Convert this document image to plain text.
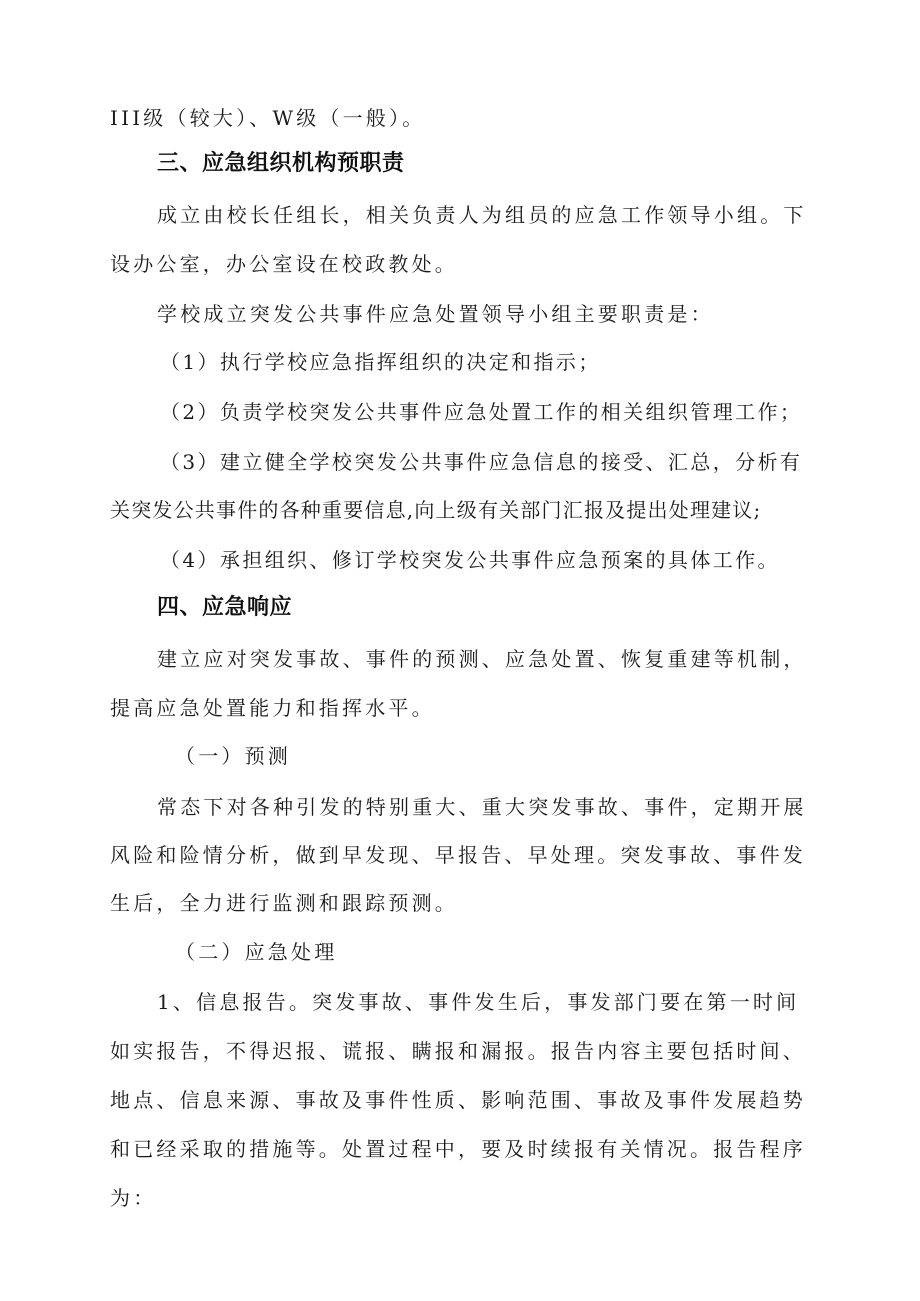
III级（较大）、W级（一般）。
三、应急组织机构预职责
成立由校长任组长，相关负责人为组员的应急工作领导小组。下
设办公室，办公室设在校政教处。
学校成立突发公共事件应急处置领导小组主要职责是：
（1）执行学校应急指挥组织的决定和指示；
（2）负责学校突发公共事件应急处置工作的相关组织管理工作；
（3）建立健全学校突发公共事件应急信息的接受、汇总，分析有
关突发公共事件的各种重要信息,向上级有关部门汇报及提出处理建议;
（4）承担组织、修订学校突发公共事件应急预案的具体工作。
四、应急响应
建立应对突发事故、事件的预测、应急处置、恢复重建等机制，
提高应急处置能力和指挥水平。
（一）预测
常态下对各种引发的特别重大、重大突发事故、事件，定期开展
风险和险情分析，做到早发现、早报告、早处理。突发事故、事件发
生后，全力进行监测和跟踪预测。
（二）应急处理
1、信息报告。突发事故、事件发生后，事发部门要在第一时间
如实报告，不得迟报、谎报、瞒报和漏报。报告内容主要包括时间、
地点、信息来源、事故及事件性质、影响范围、事故及事件发展趋势
和已经采取的措施等。处置过程中，要及时续报有关情况。报告程序
为：
